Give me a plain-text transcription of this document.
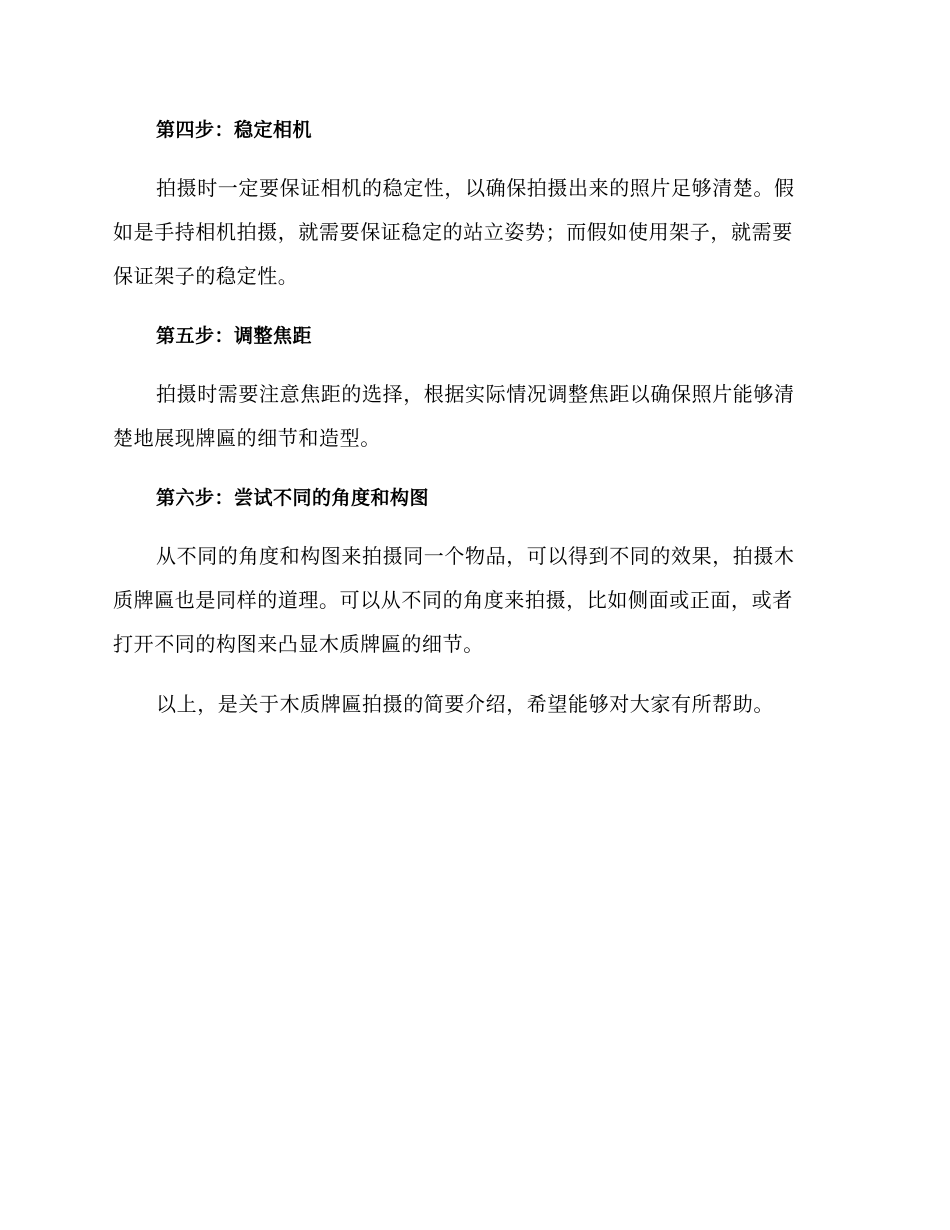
第四步：稳定相机
拍摄时一定要保证相机的稳定性，以确保拍摄出来的照片足够清楚。假
如是手持相机拍摄，就需要保证稳定的站立姿势；而假如使用架子，就需要
保证架子的稳定性。
第五步：调整焦距
拍摄时需要注意焦距的选择，根据实际情况调整焦距以确保照片能够清
楚地展现牌匾的细节和造型。
第六步：尝试不同的角度和构图
从不同的角度和构图来拍摄同一个物品，可以得到不同的效果，拍摄木
质牌匾也是同样的道理。可以从不同的角度来拍摄，比如侧面或正面，或者
打开不同的构图来凸显木质牌匾的细节。
以上，是关于木质牌匾拍摄的简要介绍，希望能够对大家有所帮助。
